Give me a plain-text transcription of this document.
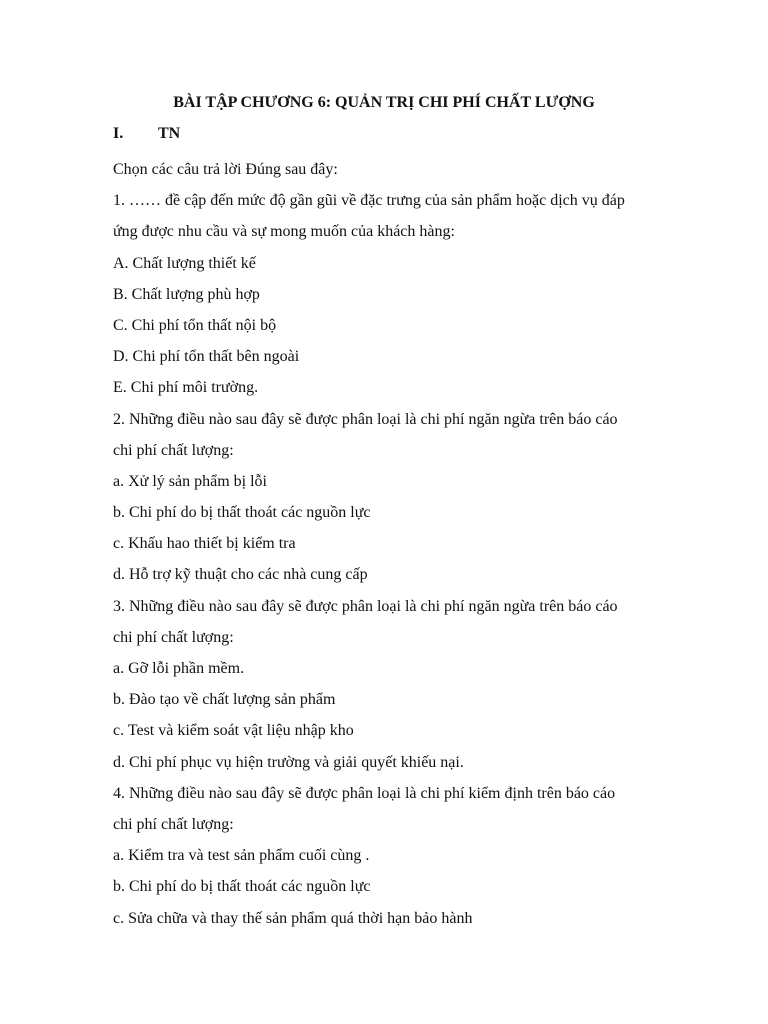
BÀI TẬP CHƯƠNG 6: QUẢN TRỊ CHI PHÍ CHẤT LƯỢNG
I. TN
Chọn các câu trả lời Đúng sau đây:
1. …… đề cập đến mức độ gần gũi về đặc trưng của sản phẩm hoặc dịch vụ đáp
ứng được nhu cầu và sự mong muốn của khách hàng:
A. Chất lượng thiết kế
B. Chất lượng phù hợp
C. Chi phí tổn thất nội bộ
D. Chi phí tổn thất bên ngoài
E. Chi phí môi trường.
2. Những điều nào sau đây sẽ được phân loại là chi phí ngăn ngừa trên báo cáo
chi phí chất lượng:
a. Xử lý sản phẩm bị lỗi
b. Chi phí do bị thất thoát các nguồn lực
c. Khấu hao thiết bị kiểm tra
d. Hỗ trợ kỹ thuật cho các nhà cung cấp
3. Những điều nào sau đây sẽ được phân loại là chi phí ngăn ngừa trên báo cáo
chi phí chất lượng:
a. Gỡ lỗi phần mềm.
b. Đào tạo về chất lượng sản phẩm
c. Test và kiểm soát vật liệu nhập kho
d. Chi phí phục vụ hiện trường và giải quyết khiếu nại.
4. Những điều nào sau đây sẽ được phân loại là chi phí kiểm định trên báo cáo
chi phí chất lượng:
a. Kiểm tra và test sản phẩm cuối cùng .
b. Chi phí do bị thất thoát các nguồn lực
c. Sửa chữa và thay thế sản phẩm quá thời hạn bảo hành
